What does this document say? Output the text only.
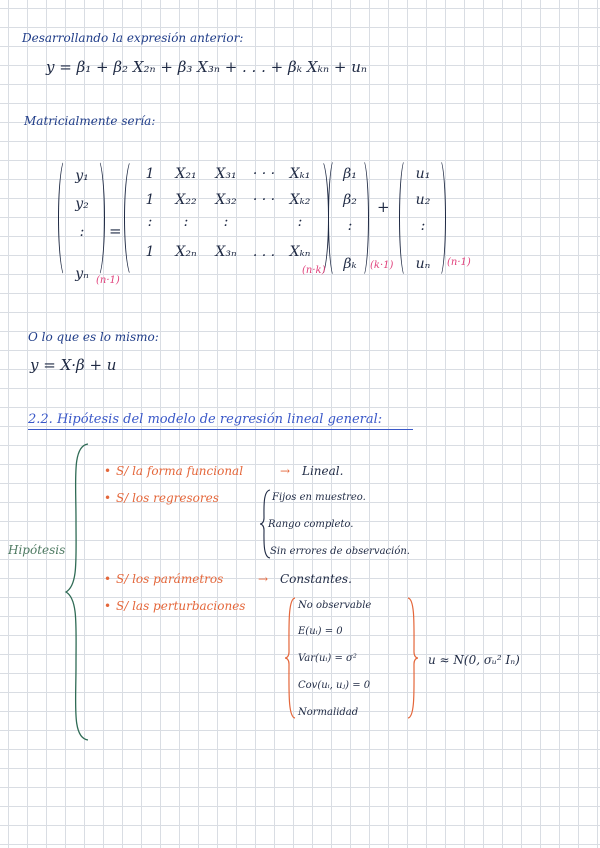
Desarrollando la expresión anterior:
y = β₁ + β₂ X₂ₙ + β₃ X₃ₙ + . . . + βₖ Xₖₙ + uₙ
Matricialmente sería:
y₁
y₂
:
yₙ (n·1)
=
1	X₂₁	X₃₁	· · ·	Xₖ₁
1	X₂₂	X₃₂	· · ·	Xₖ₂
:	:	:	:
1	X₂ₙ	X₃ₙ	. . .	Xₖₙ
(n·k)
β₁
β₂
:
βₖ	(k·1)
+
u₁
u₂
:
uₙ	(n·1)
O lo que es lo mismo:
y = X·β + u
2.2. Hipótesis del modelo de regresión lineal general:
Hipótesis
• S/ la forma funcional	→ Lineal.
• S/ los regresores	Fijos en muestreo.
Rango completo.
Sin errores de observación.
• S/ los parámetros	→ Constantes.
• S/ las perturbaciones	No observable
E(uᵢ) = 0
Var(uᵢ) = σ²
Cov(uᵢ, uⱼ) = 0
Normalidad
u ≈ N(0, σᵤ² Iₙ)
